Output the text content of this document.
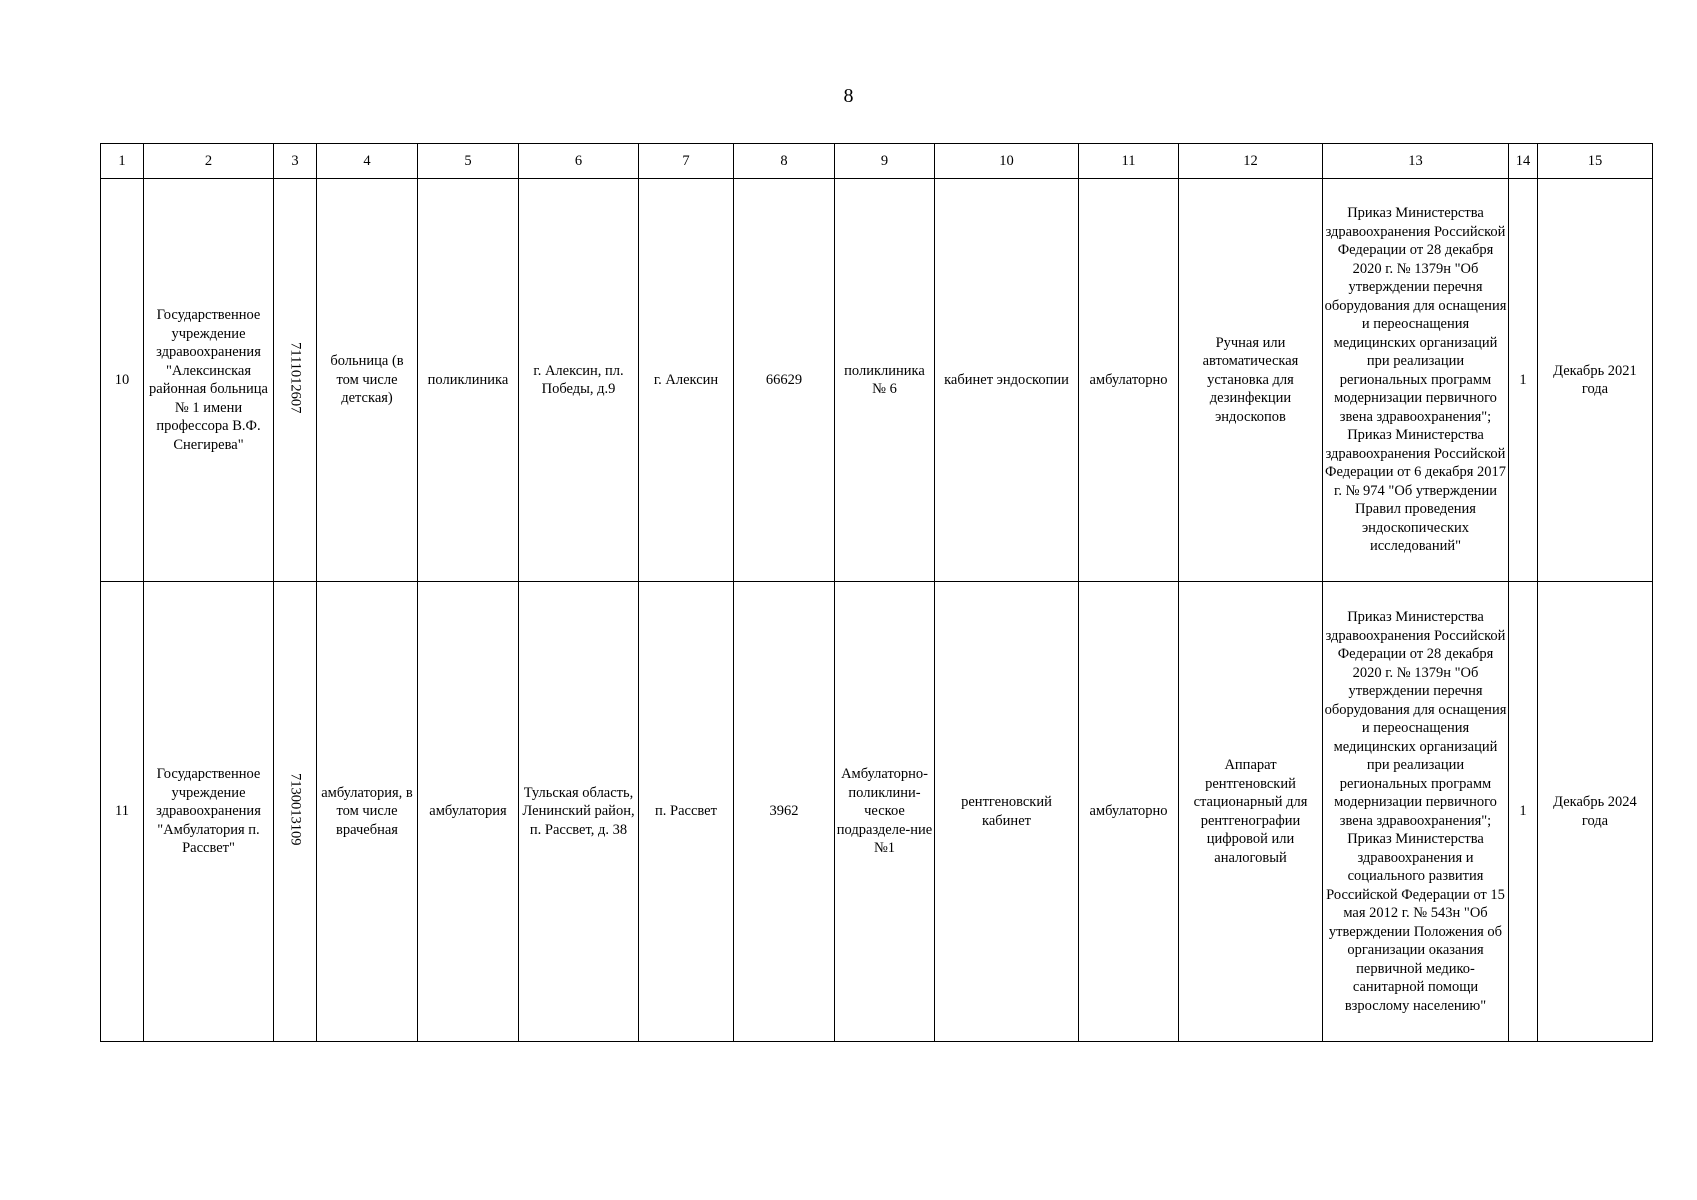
8
1	2	3	4	5	6	7	8	9	10	11	12	13	14	15
10	Государственное учреждение здравоохранения "Алексинская районная больница № 1 имени профессора В.Ф. Снегирева"	7111012607	больница (в том числе детская)	поликлиника	г. Алексин, пл. Победы, д.9	г. Алексин	66629	поликлиника № 6	кабинет эндоскопии	амбулаторно	Ручная или автоматическая установка для дезинфекции эндоскопов	Приказ Министерства здравоохранения Российской Федерации от 28 декабря 2020 г. № 1379н "Об утверждении перечня оборудования для оснащения и переоснащения медицинских организаций при реализации региональных программ модернизации первичного звена здравоохранения"; Приказ Министерства здравоохранения Российской Федерации от 6 декабря 2017 г. № 974 "Об утверждении Правил проведения эндоскопических исследований"	1	Декабрь 2021 года
11	Государственное учреждение здравоохранения "Амбулатория п. Рассвет"	7130013109	амбулатория, в том числе врачебная	амбулатория	Тульская область, Ленинский район, п. Рассвет, д. 38	п. Рассвет	3962	Амбулаторно-поликлини-ческое подразделе-ние №1	рентгеновский кабинет	амбулаторно	Аппарат рентгеновский стационарный для рентгенографии цифровой или аналоговый	Приказ Министерства здравоохранения Российской Федерации от 28 декабря 2020 г. № 1379н "Об утверждении перечня оборудования для оснащения и переоснащения медицинских организаций при реализации региональных программ модернизации первичного звена здравоохранения"; Приказ Министерства здравоохранения и социального развития Российской Федерации от 15 мая 2012 г. № 543н "Об утверждении Положения об организации оказания первичной медико-санитарной помощи взрослому населению"	1	Декабрь 2024 года
